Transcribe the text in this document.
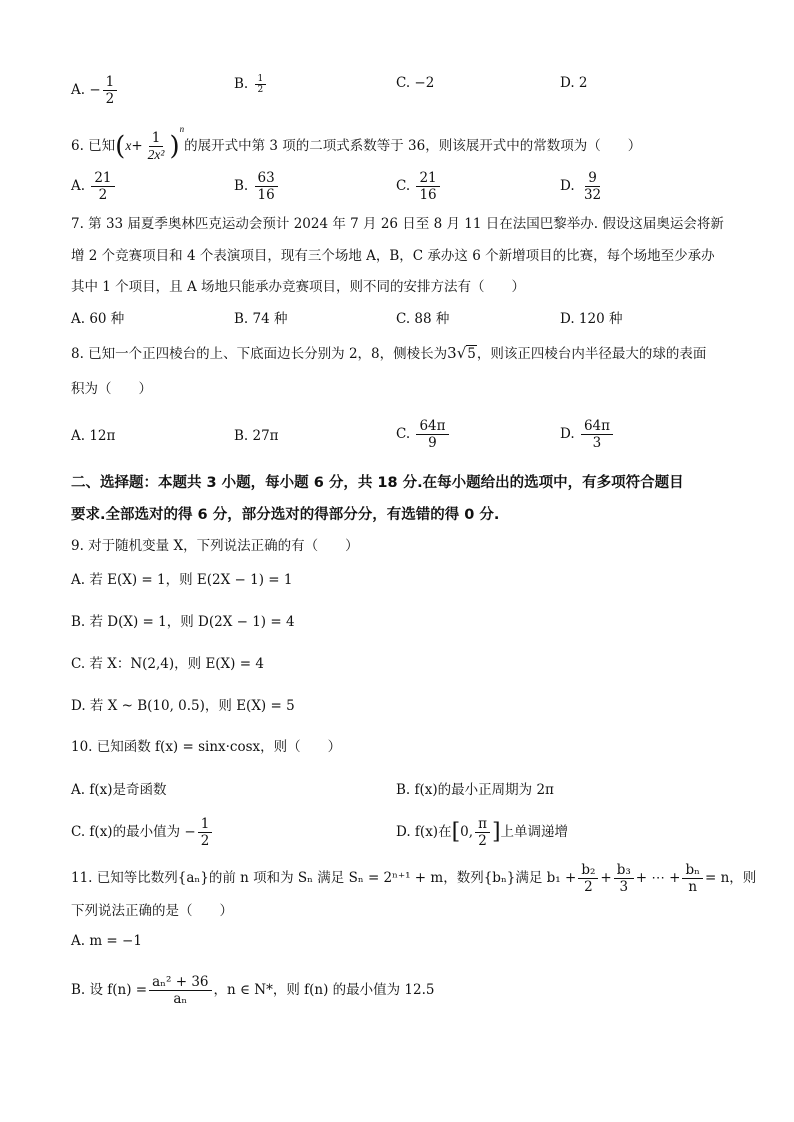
A. − $\frac{1}{2}$	B. $\frac{1}{2}$	C. −2	D. 2
6. 已知$(x+ \frac{1}{\text{2x²}} )^n$的展开式中第 3 项的二项式系数等于 36，则该展开式中的常数项为（　　）
A. $\frac{21}{2}$	B. $\frac{63}{16}$	C. $\frac{21}{16}$	D. $\frac{9}{32}$
7. 第 33 届夏季奥林匹克运动会预计 2024 年 7 月 26 日至 8 月 11 日在法国巴黎举办. 假设这届奥运会将新
增 2 个竞赛项目和 4 个表演项目，现有三个场地 A，B，C 承办这 6 个新增项目的比赛，每个场地至少承办
其中 1 个项目，且 A 场地只能承办竞赛项目，则不同的安排方法有（　　）
A. 60 种	B. 74 种	C. 88 种	D. 120 种
8. 已知一个正四棱台的上、下底面边长分别为 2，8，侧棱长为3√5，则该正四棱台内半径最大的球的表面
积为（　　）
A. 12π	B. 27π	C. $\frac{64\pi}{9}$	D. $\frac{64\pi}{3}$
二、选择题：本题共 3 小题，每小题 6 分，共 18 分.在每小题给出的选项中，有多项符合题目
要求.全部选对的得 6 分，部分选对的得部分分，有选错的得 0 分.
9. 对于随机变量 X，下列说法正确的有（　　）
A. 若 E(X) = 1，则 E(2X − 1) = 1
B. 若 D(X) = 1，则 D(2X − 1) = 4
C. 若 X：N(2,4)，则 E(X) = 4
D. 若 X ~ B(10, 0.5)，则 E(X) = 5
10. 已知函数 f(x) = sinx·cosx，则（　　）
A. f(x)是奇函数	B. f(x)的最小正周期为 2π
C. f(x)的最小值为 − $\frac{1}{2}$	D. f(x)在[0, $\frac{\pi}{2}$ ]上单调递增
11. 已知等比数列{aₙ}的前 n 项和为 Sₙ 满足 Sₙ = 2ⁿ⁺¹ + m，数列{bₙ}满足 $b_1 + \frac{\text{b₂}}{2} + \frac{\text{b₃}}{3}$ + ⋯ + $\frac{\text{bₙ}}{n} = n$，则
下列说法正确的是（　　）
A. m = −1
B. 设 $f(n) = \frac{\text{aₙ² + 36}}{\text{aₙ}}$ ，n ∈ N*，则 f(n) 的最小值为 12.5
